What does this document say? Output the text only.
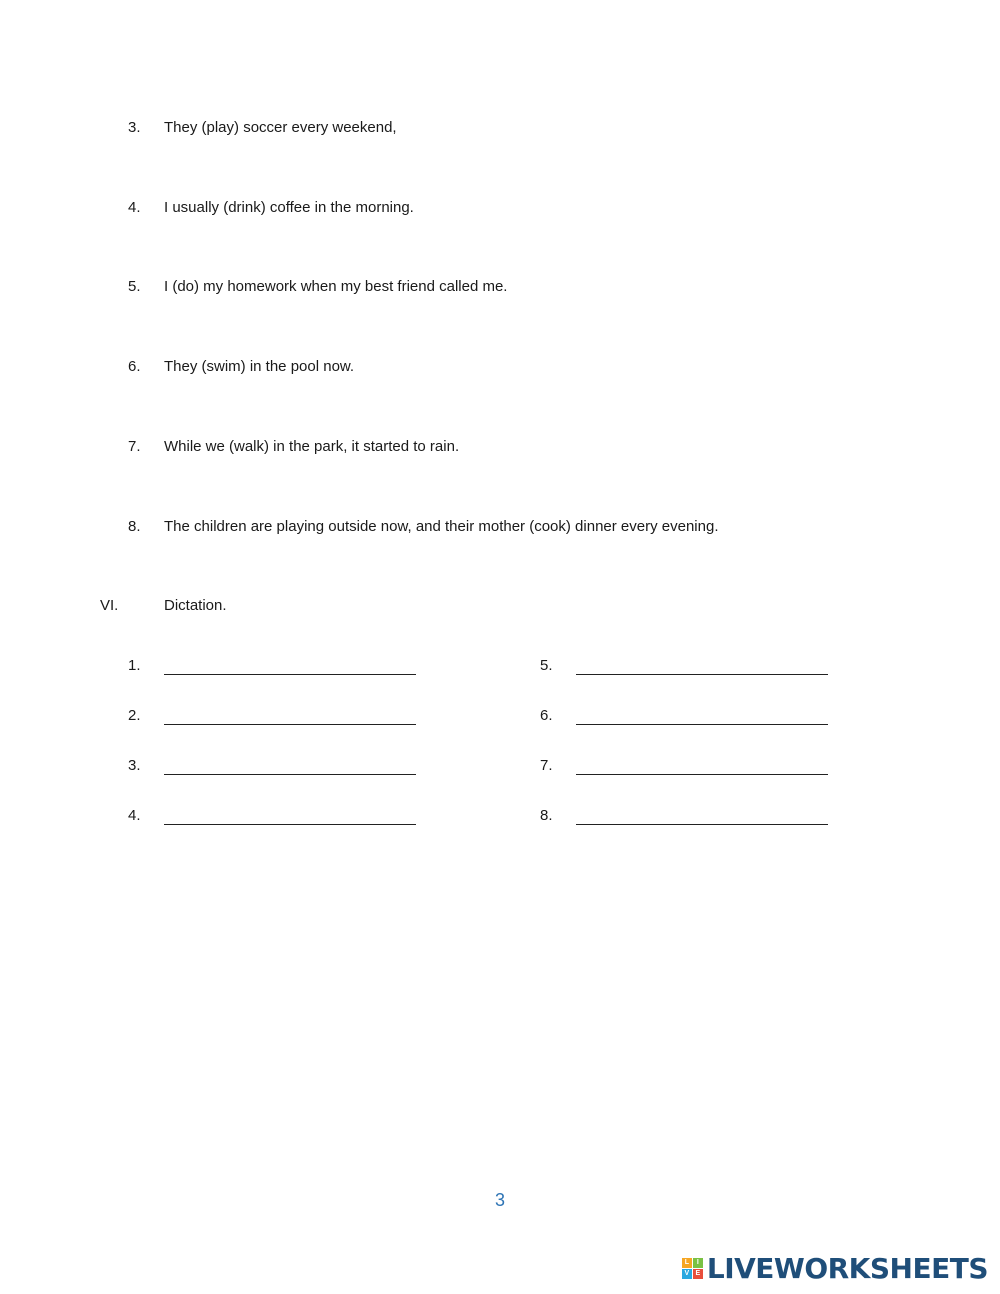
3. They (play) soccer every weekend,
4. I usually (drink) coffee in the morning.
5. I (do) my homework when my best friend called me.
6. They (swim) in the pool now.
7. While we (walk) in the park, it started to rain.
8. The children are playing outside now, and their mother (cook) dinner every evening.
VI.	Dictation.
1.
2.
3.
4.
5.
6.
7.
8.
3
L	I
V E LIVEWORKSHEETS
